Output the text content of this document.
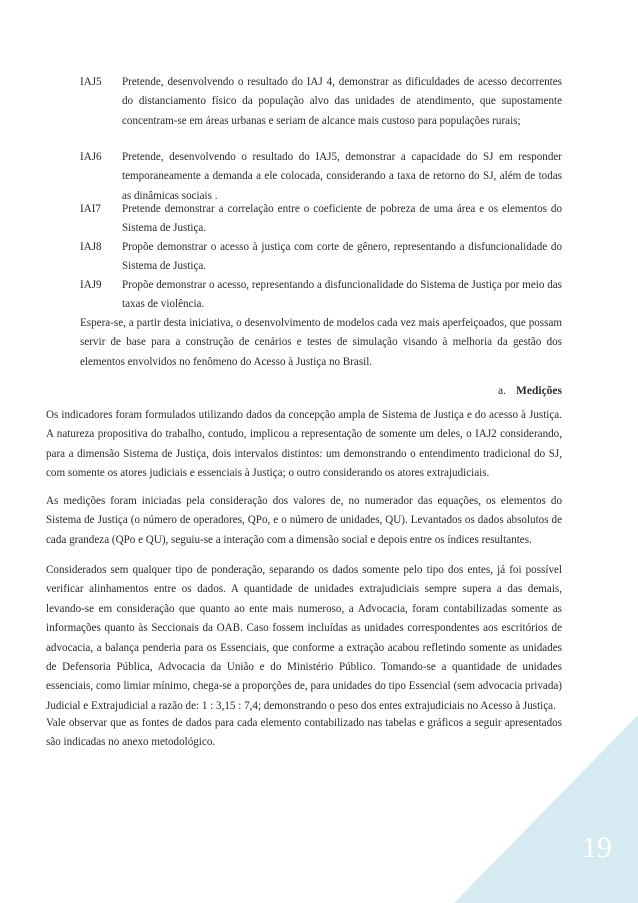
IAJ5	Pretende, desenvolvendo o resultado do IAJ 4, demonstrar as dificuldades de acesso decorrentes do distanciamento físico da população alvo das unidades de atendimento, que supostamente concentram-se em áreas urbanas e seriam de alcance mais custoso para populações rurais;
IAJ6	Pretende, desenvolvendo o resultado do IAJ5, demonstrar a capacidade do SJ em responder temporaneamente a demanda a ele colocada, considerando a taxa de retorno do SJ, além de todas as dinâmicas sociais .
IAI7	Pretende demonstrar a correlação entre o coeficiente de pobreza de uma área e os elementos do Sistema de Justiça.
IAJ8	Propõe demonstrar o acesso à justiça com corte de gênero, representando a disfuncionalidade do Sistema de Justiça.
IAJ9	Propõe demonstrar o acesso, representando a disfuncionalidade do Sistema de Justiça por meio das taxas de violência.
Espera-se, a partir desta iniciativa, o desenvolvimento de modelos cada vez mais aperfeiçoados, que possam servir de base para a construção de cenários e testes de simulação visando à melhoria da gestão dos elementos envolvidos no fenômeno do Acesso à Justiça no Brasil.
a. Medições
Os indicadores foram formulados utilizando dados da concepção ampla de Sistema de Justiça e do acesso à Justiça. A natureza propositiva do trabalho, contudo, implicou a representação de somente um deles, o IAJ2 considerando, para a dimensão Sistema de Justiça, dois intervalos distintos: um demonstrando o entendimento tradicional do SJ, com somente os atores judiciais e essenciais à Justiça; o outro considerando os atores extrajudiciais.
As medições foram iniciadas pela consideração dos valores de, no numerador das equações, os elementos do Sistema de Justiça (o número de operadores, QPo, e o número de unidades, QU). Levantados os dados absolutos de cada grandeza (QPo e QU), seguiu-se a interação com a dimensão social e depois entre os índices resultantes.
Considerados sem qualquer tipo de ponderação, separando os dados somente pelo tipo dos entes, já foi possível verificar alinhamentos entre os dados. A quantidade de unidades extrajudiciais sempre supera a das demais, levando-se em consideração que quanto ao ente mais numeroso, a Advocacia, foram contabilizadas somente as informações quanto às Seccionais da OAB. Caso fossem incluídas as unidades correspondentes aos escritórios de advocacia, a balança penderia para os Essenciais, que conforme a extração acabou refletindo somente as unidades de Defensoria Pública, Advocacia da União e do Ministério Público. Tomando-se a quantidade de unidades essenciais, como limiar mínimo, chega-se a proporções de, para unidades do tipo Essencial (sem advocacia privada) Judicial e Extrajudicial a razão de: 1 : 3,15 : 7,4; demonstrando o peso dos entes extrajudiciais no Acesso à Justiça.
Vale observar que as fontes de dados para cada elemento contabilizado nas tabelas e gráficos a seguir apresentados são indicadas no anexo metodológico.
19
